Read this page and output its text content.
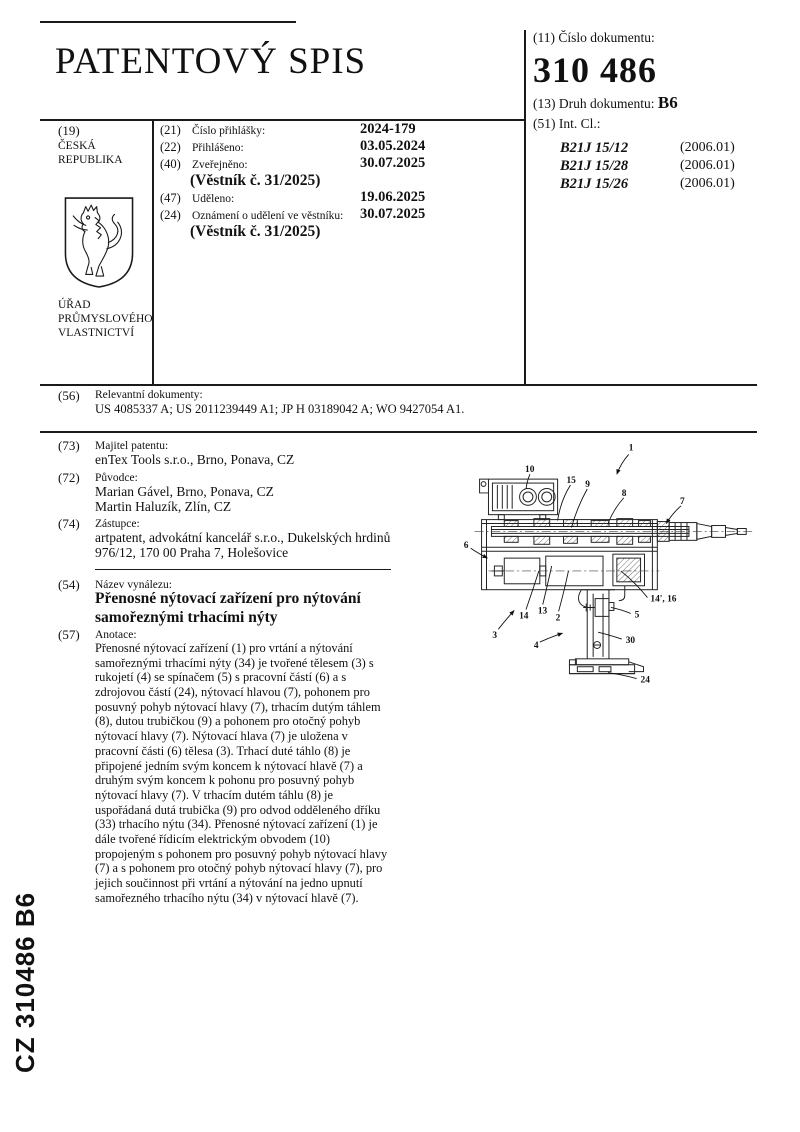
PATENTOVÝ SPIS
(11) Číslo dokumentu:
310 486
(13) Druh dokumentu: B6
(51) Int. Cl.:
B21J 15/12	(2006.01)
B21J 15/28	(2006.01)
B21J 15/26	(2006.01)
(19)
ČESKÁ
REPUBLIKA
ÚŘAD
PRŮMYSLOVÉHO
VLASTNICTVÍ
(21) Číslo přihlášky:	2024-179
(22) Přihlášeno:	03.05.2024
(40) Zveřejněno:	30.07.2025
(Věstník č. 31/2025)
(47) Uděleno:	19.06.2025
(24) Oznámení o udělení ve věstníku: 30.07.2025
(Věstník č. 31/2025)
(56) Relevantní dokumenty:
US 4085337 A; US 2011239449 A1; JP H 03189042 A; WO 9427054 A1.
(73) Majitel patentu:
enTex Tools s.r.o., Brno, Ponava, CZ
(72) Původce:
Marian Gável, Brno, Ponava, CZ
Martin Haluzík, Zlín, CZ
(74) Zástupce:
artpatent, advokátní kancelář s.r.o., Dukelských hrdinů 976/12, 170 00 Praha 7, Holešovice
(54) Název vynálezu:
Přenosné nýtovací zařízení pro nýtování samořeznými trhacími nýty
(57) Anotace:
Přenosné nýtovací zařízení (1) pro vrtání a nýtování samořeznými trhacími nýty (34) je tvořené tělesem (3) s rukojetí (4) se spínačem (5) s pracovní částí (6) a s zdrojovou částí (24), nýtovací hlavou (7), pohonem pro posuvný pohyb nýtovací hlavy (7), trhacím dutým táhlem (8), dutou trubičkou (9) a pohonem pro otočný pohyb nýtovací hlavy (7). Nýtovací hlava (7) je uložena v pracovní části (6) tělesa (3). Trhací duté táhlo (8) je připojené jedním svým koncem k nýtovací hlavě (7) a druhým svým koncem k pohonu pro posuvný pohyb nýtovací hlavy (7). V trhacím dutém táhlu (8) je uspořádaná dutá trubička (9) pro odvod odděleného dříku (33) trhacího nýtu (34). Přenosné nýtovací zařízení (1) je dále tvořené řídicím elektrickým obvodem (10) propojeným s pohonem pro posuvný pohyb nýtovací hlavy (7) a s pohonem pro otočný pohyb nýtovací hlavy (7), pro jejich součinnost při vrtání a nýtování na jedno upnutí samořezného trhacího nýtu (34) v nýtovací hlavě (7).
1
10
15 9
8
7
6
14 13
2
3
4
14', 16
5
30
24
CZ 310486 B6
